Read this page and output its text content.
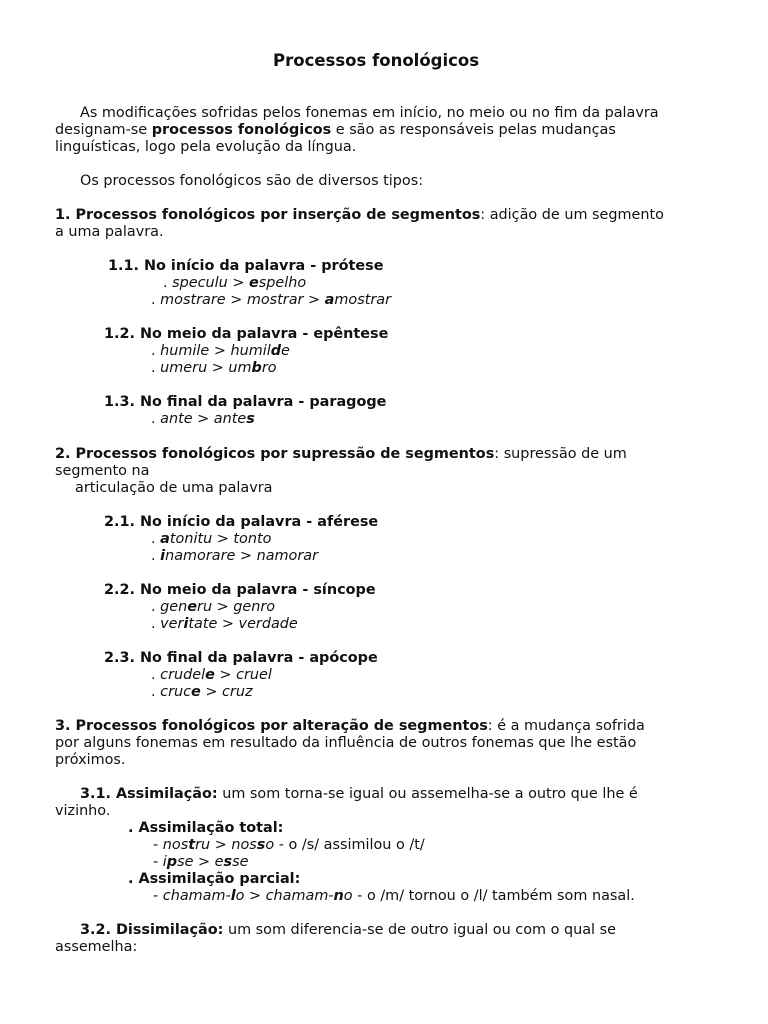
Processos fonológicos
As modificações sofridas pelos fonemas em início, no meio ou no fim da palavra
designam-se processos fonológicos e são as responsáveis pelas mudanças
linguísticas, logo pela evolução da língua.
Os processos fonológicos são de diversos tipos:
1. Processos fonológicos por inserção de segmentos: adição de um segmento
a uma palavra.
1.1. No início da palavra - prótese
. speculu > espelho
. mostrare > mostrar > amostrar
1.2. No meio da palavra - epêntese
. humile > humilde
. umeru > umbro
1.3. No final da palavra - paragoge
. ante > antes
2. Processos fonológicos por supressão de segmentos: supressão de um
segmento na
articulação de uma palavra
2.1. No início da palavra - aférese
. atonitu > tonto
. inamorare > namorar
2.2. No meio da palavra - síncope
. generu > genro
. veritate > verdade
2.3. No final da palavra - apócope
. crudele > cruel
. cruce > cruz
3. Processos fonológicos por alteração de segmentos: é a mudança sofrida
por alguns fonemas em resultado da influência de outros fonemas que lhe estão
próximos.
3.1. Assimilação: um som torna-se igual ou assemelha-se a outro que lhe é
vizinho.
. Assimilação total:
- nostru > nosso - o /s/ assimilou o /t/
- ipse > esse
. Assimilação parcial:
- chamam-lo > chamam-no - o /m/ tornou o /l/ também som nasal.
3.2. Dissimilação: um som diferencia-se de outro igual ou com o qual se
assemelha:
